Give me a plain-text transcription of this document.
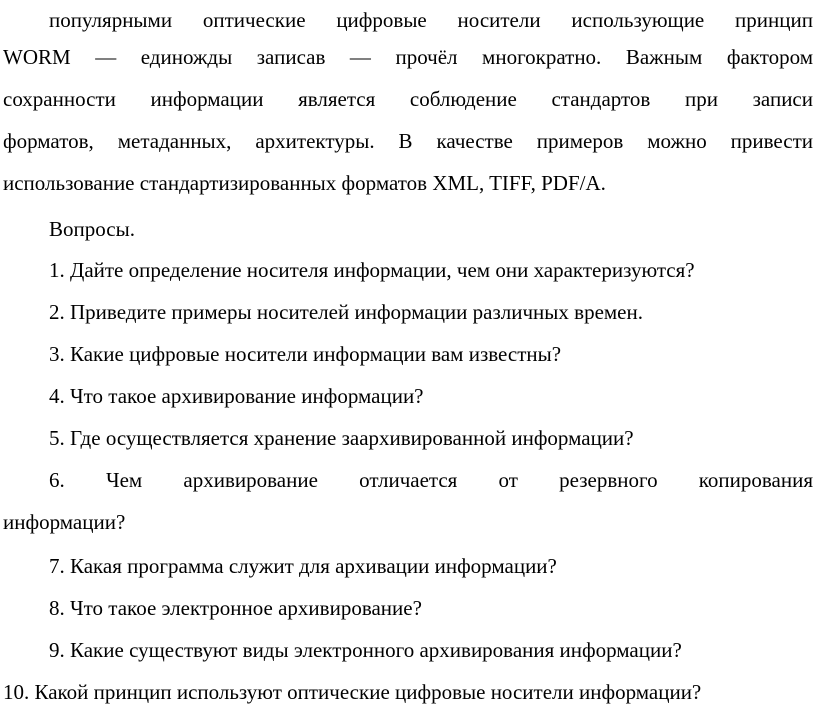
популярными оптические цифровые носители использующие принцип
WORM — единожды записав — прочёл многократно. Важным фактором
сохранности информации является соблюдение стандартов при записи
форматов, метаданных, архитектуры. В качестве примеров можно привести
использование стандартизированных форматов XML, TIFF, PDF/A.
Вопросы.
1. Дайте определение носителя информации, чем они характеризуются?
2. Приведите примеры носителей информации различных времен.
3. Какие цифровые носители информации вам известны?
4. Что такое архивирование информации?
5. Где осуществляется хранение заархивированной информации?
6. Чем архивирование отличается от резервного копирования
информации?
7. Какая программа служит для архивации информации?
8. Что такое электронное архивирование?
9. Какие существуют виды электронного архивирования информации?
10. Какой принцип используют оптические цифровые носители информации?
